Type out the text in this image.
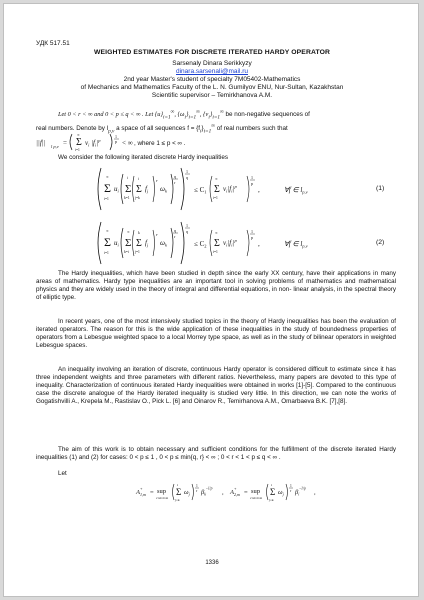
УДК 517.51
WEIGHTED ESTIMATES FOR DISCRETE ITERATED HARDY OPERATOR
Sarsenaly Dinara Serikkyzy
dinara.sarsenali@mail.ru
2nd year Master's student of specialty 7M05402-Mathematics
of Mechanics and Mathematics Faculty of the L. N. Gumilyov ENU, Nur-Sultan, Kazakhstan
Scientific supervisor – Temirkhanova A.M.
Let 0 < r < ∞ and 0 < p ≤ q < ∞ . Let $\{u\}_{i=1}^\infty$, $\{\omega_i\}_{i=1}^\infty$, $\{v_i\}_{i=1}^\infty$ be non-negative sequences of
real numbers. Denote by $l_{p,v}$ a space of all sequences $f = \{f_i\}_{i=1}^\infty$ of real numbers such that
||f|| l p,v = Σ
i=1
∞
$v_i$ $|f_i|^p$
1
p < ∞ , where 1 ≤ p < ∞ .
We consider the following iterated discrete Hardy inequalities
Σ
i=1
∞
$u_i$ Σ
k=1
i
Σ
j=k
i
$f_j$
r
$\omega_k$
q
r
1
q
≤ $C_1$ Σ
i=1
∞
$v_i|f_i|^p$
1
p
,	∀f ∈ $l_{p,v}$	(1)
Σ
i=1
∞
$u_i$ Σ
k=i
∞
Σ
j=1
k
$f_j$
r
$\omega_k$
q
r
1
q
≤ $C_2$ Σ
i=1
∞
$v_i|f_i|^p$
1
p
,	∀f ∈ $l_{p,v}$	(2)
The Hardy inequalities, which have been studied in depth since the early XX century, have their applications in many areas of mathematics. Hardy type inequalities are an important tool in solving problems of mathematics and mathematical physics and they are widely used in the theory of integral and differential equations, in non- linear analysis, in the spectral theory of elliptic type.
In recent years, one of the most intensively studied topics in the theory of Hardy inequalities has been the evaluation of iterated operators. The reason for this is the wide application of these inequalities in the study of boundedness properties of operators from a Lebesgue weighted space to a local Morrey type space, as well as in the study of bilinear operators in weighted Lebesgue spaces.
An inequality involving an iteration of discrete, continuous Hardy operator is considered difficult to estimate since it has three independent weights and three parameters with different ratios. Nevertheless, many papers are devoted to this type of inequality. Characterization of continuous iterated Hardy inequalities were obtained in works [1]-[5]. Compared to the continuous case the discrete analogue of the Hardy iterated inequality is studied very little. In this direction, we can note the works of Gogatishvilli A., Krepela M., Rastislav O., Pick L. [6] and Oinarov R., Temirhanova A.M., Omarbaeva B.K. [7],[8].
The aim of this work is to obtain necessary and sufficient conditions for the fulfillment of the discrete iterated Hardy inequalities (1) and (2) for cases: 0 < p ≤ 1 , 0 < p ≤ min{q, r} < ∞ ; 0 < r < 1 < p ≤ q < ∞ .
Let
$A_{1,m}+$
= sup
1≤k≤i≤m
Σ
j=k
i
$\omega_j$
1
r $\beta_k^{-1/p}$
, $A_{2,m}+$
= sup
1≤k≤i≤m
Σ
j=k
i
$\omega_j$
1
r $\beta_i^{-1/p}$
,
1336
